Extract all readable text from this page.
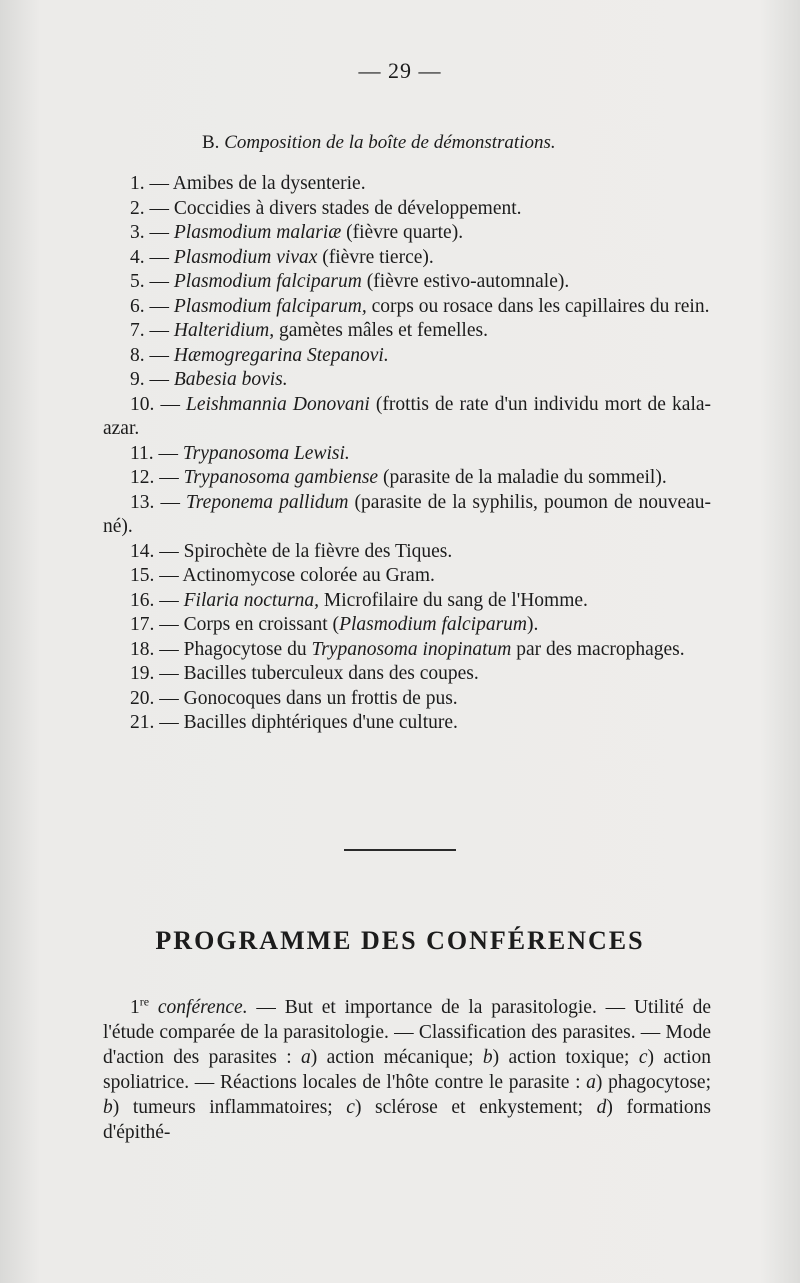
— 29 —
B. Composition de la boîte de démonstrations.
1. — Amibes de la dysenterie.
2. — Coccidies à divers stades de développement.
3. — Plasmodium malariæ (fièvre quarte).
4. — Plasmodium vivax (fièvre tierce).
5. — Plasmodium falciparum (fièvre estivo-automnale).
6. — Plasmodium falciparum, corps ou rosace dans les capillaires du rein.
7. — Halteridium, gamètes mâles et femelles.
8. — Hæmogregarina Stepanovi.
9. — Babesia bovis.
10. — Leishmannia Donovani (frottis de rate d'un individu mort de kala-azar.
11. — Trypanosoma Lewisi.
12. — Trypanosoma gambiense (parasite de la maladie du sommeil).
13. — Treponema pallidum (parasite de la syphilis, poumon de nouveau-né).
14. — Spirochète de la fièvre des Tiques.
15. — Actinomycose colorée au Gram.
16. — Filaria nocturna, Microfilaire du sang de l'Homme.
17. — Corps en croissant (Plasmodium falciparum).
18. — Phagocytose du Trypanosoma inopinatum par des macrophages.
19. — Bacilles tuberculeux dans des coupes.
20. — Gonocoques dans un frottis de pus.
21. — Bacilles diphtériques d'une culture.
PROGRAMME DES CONFÉRENCES
1re conférence. — But et importance de la parasitologie. — Utilité de l'étude comparée de la parasitologie. — Classification des parasites. — Mode d'action des parasites : a) action mécanique; b) action toxique; c) action spoliatrice. — Réactions locales de l'hôte contre le parasite : a) phagocytose; b) tumeurs inflammatoires; c) sclérose et enkystement; d) formations d'épithé-
